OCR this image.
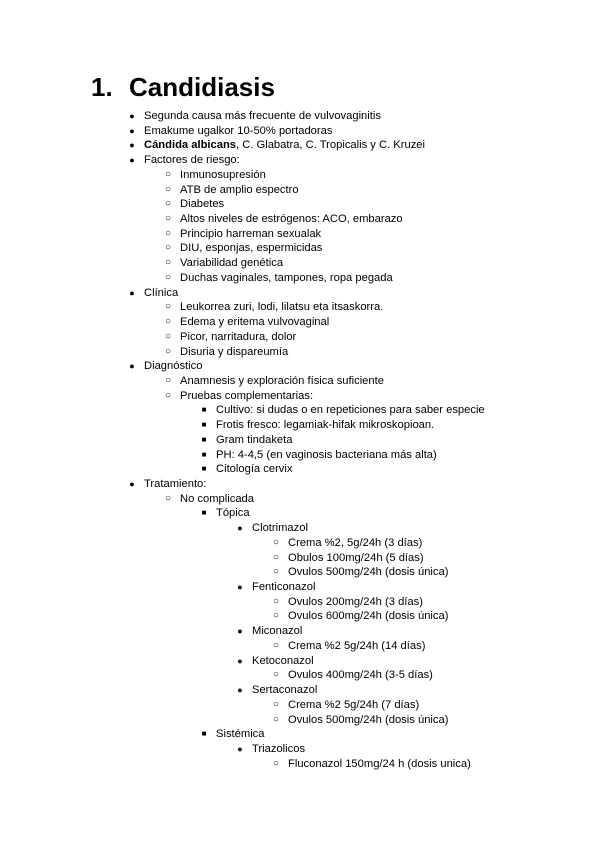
1. Candidiasis
● Segunda causa más frecuente de vulvovaginitis
● Emakume ugalkor 10-50% portadoras
● Cándida albicans, C. Glabatra, C. Tropicalis y C. Kruzei
● Factores de riesgo:
○ Inmunosupresión
○ ATB de amplio espectro
○ Diabetes
○ Altos niveles de estrógenos: ACO, embarazo
○ Principio harreman sexualak
○ DIU, esponjas, espermicidas
○ Variabilidad genética
○ Duchas vaginales, tampones, ropa pegada
● Clínica
○ Leukorrea zuri, lodi, lilatsu eta itsaskorra.
○ Edema y eritema vulvovaginal
○ Picor, narritadura, dolor
○ Disuria y dispareumía
● Diagnóstico
○ Anamnesis y exploración física suficiente
○ Pruebas complementarias:
■ Cultivo: si dudas o en repeticiones para saber especie
■ Frotis fresco: legamiak-hifak mikroskopioan.
■ Gram tindaketa
■ PH: 4-4,5 (en vaginosis bacteriana más alta)
■ Citología cervix
● Tratamiento:
○ No complicada
■ Tópica
● Clotrimazol
○ Crema %2, 5g/24h (3 días)
○ Obulos 100mg/24h (5 días)
○ Ovulos 500mg/24h (dosis única)
● Fenticonazol
○ Ovulos 200mg/24h (3 días)
○ Ovulos 600mg/24h (dosis única)
● Miconazol
○ Crema %2 5g/24h (14 días)
● Ketoconazol
○ Ovulos 400mg/24h (3-5 días)
● Sertaconazol
○ Crema %2 5g/24h (7 días)
○ Ovulos 500mg/24h (dosis única)
■ Sistémica
● Triazolicos
○ Fluconazol 150mg/24 h (dosis unica)
